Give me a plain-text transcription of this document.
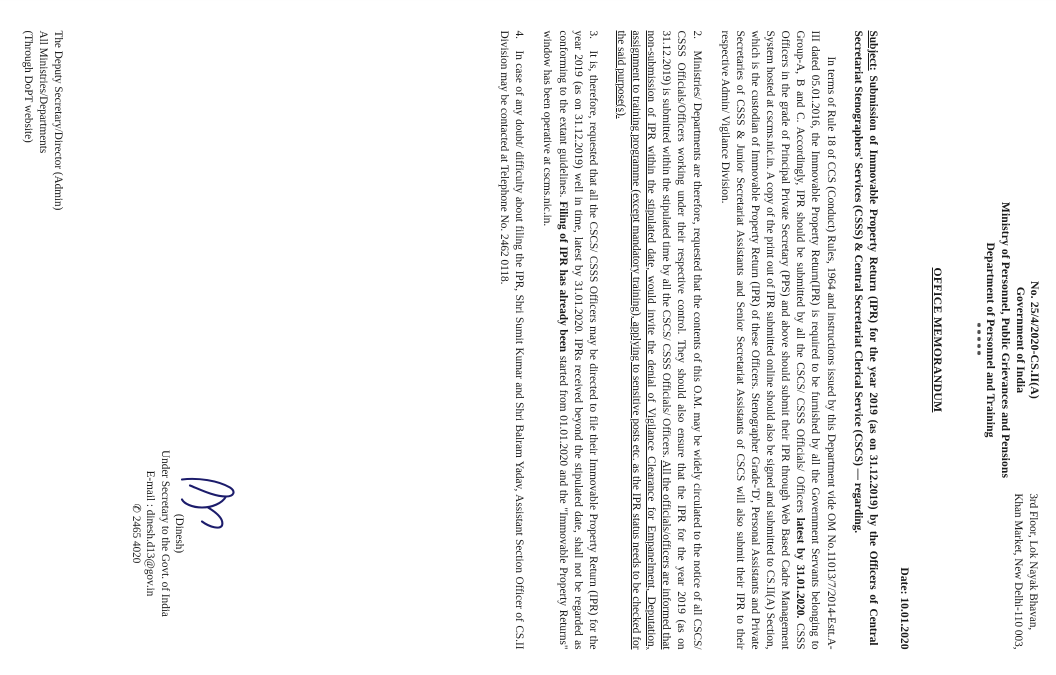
3rd Floor, Lok Nayak Bhavan,
Khan Market, New Delhi-110 003,
No. 25/4/2020-CS.II(A)
Government of India
Ministry of Personnel, Public Grievances and Pensions
Department of Personnel and Training
*****
OFFICE MEMORANDUM
Date: 10.01.2020
Subject: Submission of Immovable Property Return (IPR) for the year 2019 (as on 31.12.2019) by the Officers of Central Secretariat Stenographers' Services (CSSS) & Central Secretariat Clerical Service (CSCS) — regarding.
In terms of Rule 18 of CCS (Conduct) Rules, 1964 and instructions issued by this Department vide OM No.11013/7/2014-Estt.A-III dated 05.01.2016, the Immovable Property Return(IPR) is required to be furnished by all the Government Servants belonging to Group-A, B and C. Accordingly, IPR should be submitted by all the CSCS/ CSSS Officials/ Officers latest by 31.01.2020. CSSS Officers in the grade of Principal Private Secretary (PPS) and above should submit their IPR through Web Based Cadre Management System hosted at cscms.nic.in. A copy of the print out of IPR submitted online should also be signed and submitted to CS.II(A) Section, which is the custodian of Immovable Property Return (IPR) of these Officers. Stenographer Grade-'D', Personal Assistants and Private Secretaries of CSSS & Junior Secretariat Assistants and Senior Secretariat Assistants of CSCS will also submit their IPR to their respective Admin/ Vigilance Division.
2.Ministries/ Departments are therefore, requested that the contents of this O.M. may be widely circulated to the notice of all CSCS/ CSSS Officials/Officers working under their respective control. They should also ensure that the IPR for the year 2019 (as on 31.12.2019) is submitted within the stipulated time by all the CSCS/ CSSS Officials/ Officers. All the officials/officers are informed that non-submission of IPR within the stipulated date, would invite the denial of Vigilance Clearance for Empanelment, Deputation, assignment to training programme (except mandatory training), applying to sensitive posts etc. as the IPR status needs to be checked for the said purpose(s).
3.It is, therefore, requested that all the CSCS/ CSSS Officers may be directed to file their Immovable Property Return (IPR) for the year 2019 (as on 31.12.2019) well in time, latest by 31.01.2020. IPRs received beyond the stipulated date, shall not be regarded as conforming to the extant guidelines. Filing of IPR has already been started from 01.01.2020 and the "Immovable Property Returns" window has been operative at cscms.nic.in.
4.In case of any doubt/ difficulty about filing the IPR, Shri Sumit Kumar and Shri Balram Yadav, Assistant Section Officer of CS.II Division may be contacted at Telephone No. 2462 0118.
(Dinesh)
Under Secretary to the Govt. of India
E-mail : dinesh.d13@gov.in
✆ 2465 4020
The Deputy Secretary/Director (Admin)
All Ministries/Departments
(Through DoPT website)
